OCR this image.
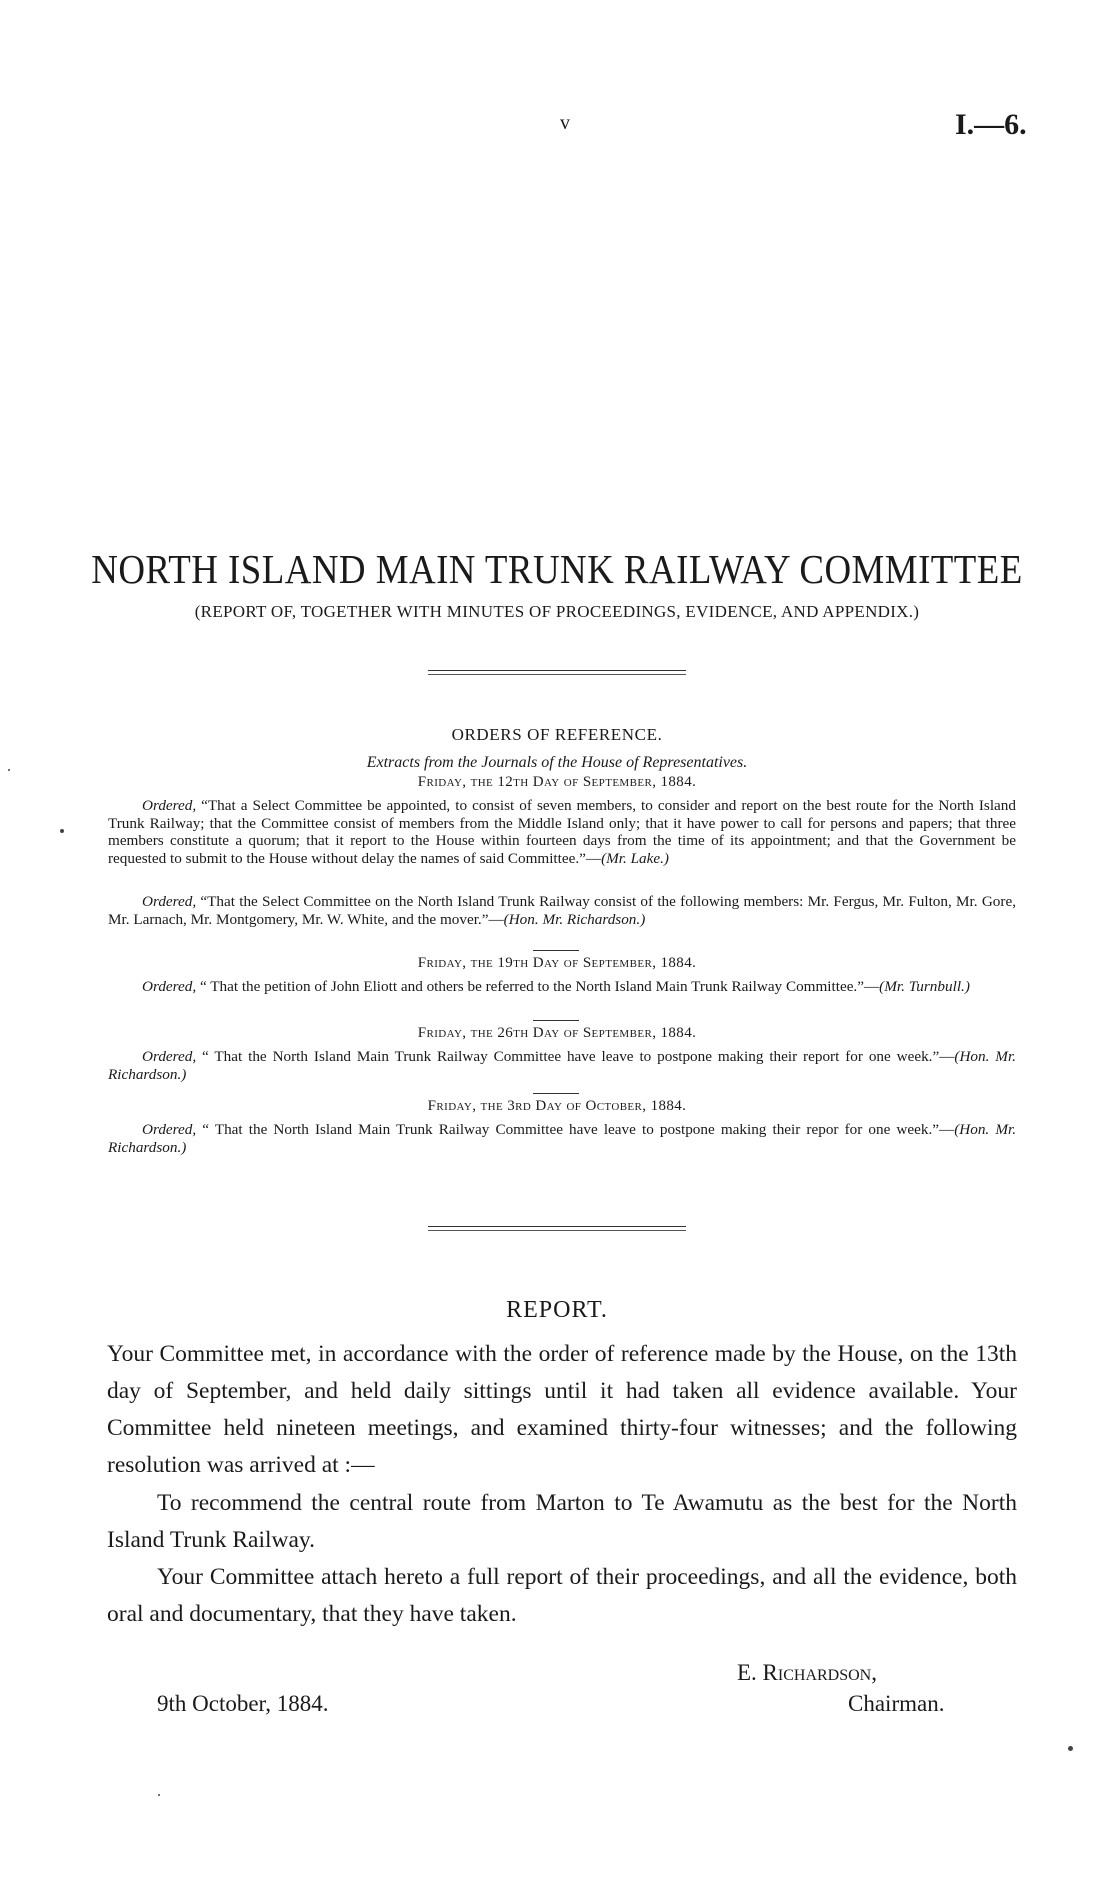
v	I.—6.
NORTH ISLAND MAIN TRUNK RAILWAY COMMITTEE
(REPORT OF, TOGETHER WITH MINUTES OF PROCEEDINGS, EVIDENCE, AND APPENDIX.)
ORDERS OF REFERENCE.
Extracts from the Journals of the House of Representatives.
Friday, the 12th Day of September, 1884.
Ordered, “That a Select Committee be appointed, to consist of seven members, to consider and report on the best route for the North Island Trunk Railway; that the Committee consist of members from the Middle Island only; that it have power to call for persons and papers; that three members constitute a quorum; that it report to the House within fourteen days from the time of its appointment; and that the Government be requested to submit to the House without delay the names of said Committee.”—(Mr. Lake.)
Ordered, “That the Select Committee on the North Island Trunk Railway consist of the following members: Mr. Fergus, Mr. Fulton, Mr. Gore, Mr. Larnach, Mr. Montgomery, Mr. W. White, and the mover.”—(Hon. Mr. Richardson.)
Friday, the 19th Day of September, 1884.
Ordered, “ That the petition of John Eliott and others be referred to the North Island Main Trunk Railway Committee.”—(Mr. Turnbull.)
Friday, the 26th Day of September, 1884.
Ordered, “ That the North Island Main Trunk Railway Committee have leave to postpone making their report for one week.”—(Hon. Mr. Richardson.)
Friday, the 3rd Day of October, 1884.
Ordered, “ That the North Island Main Trunk Railway Committee have leave to postpone making their repor for one week.”—(Hon. Mr. Richardson.)
REPORT.
Your Committee met, in accordance with the order of reference made by the House, on the 13th day of September, and held daily sittings until it had taken all evidence available. Your Committee held nineteen meetings, and examined thirty-four witnesses; and the following resolution was arrived at :—
To recommend the central route from Marton to Te Awamutu as the best for the North Island Trunk Railway.
Your Committee attach hereto a full report of their proceedings, and all the evidence, both oral and documentary, that they have taken.
E. Richardson,
Chairman.
9th October, 1884.
